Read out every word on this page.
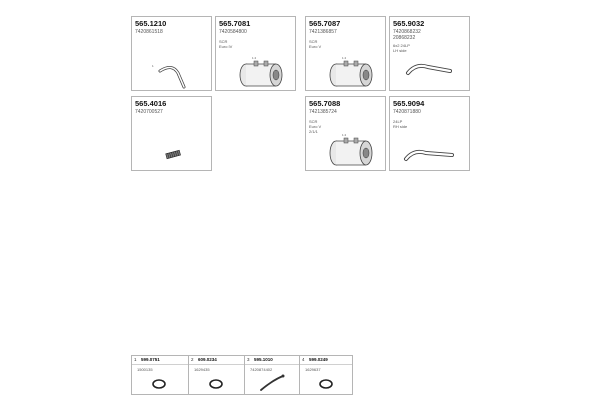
565.1210
7420861518
1
565.7081
7420584800
SCR
Euro IV
1 2
565.7087
7421386857
SCR
Euro V
1 2
565.9032
7420868232
20868232
6x2 24LP
LH side
565.4016
7420700527
565.7088
7421385724
SCR
Euro V
2/1/1
1 2
565.9094
7420871880
24LP
RH side
1 599.0751
1500135
2 609.0234
1629435
3 595.1010
7420874402
4 599.0249
1629637
